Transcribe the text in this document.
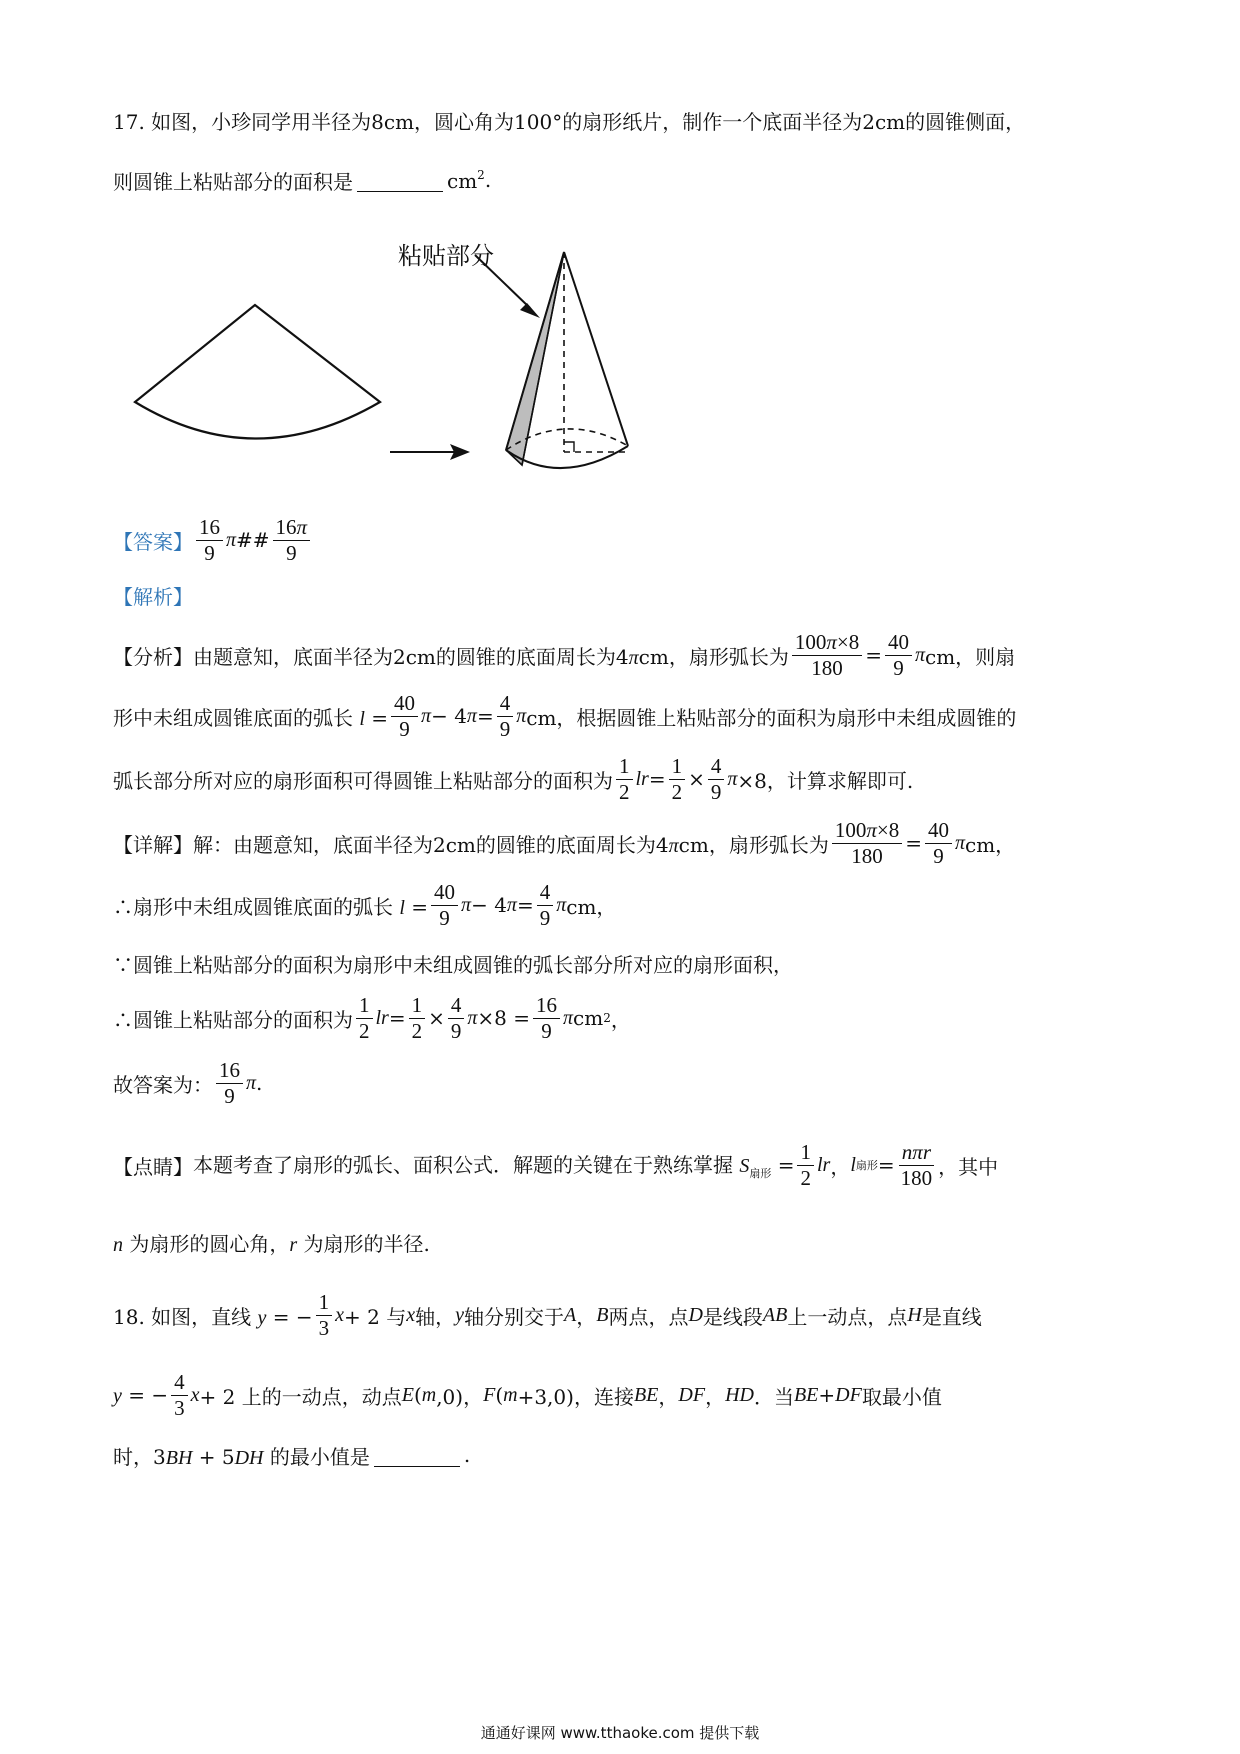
17. 如图，小珍同学用半径为8cm，圆心角为100°的扇形纸片，制作一个底面半径为2cm的圆锥侧面，
则圆锥上粘贴部分的面积是	$cm^2$ .
粘贴部分
【答案】 $\frac{16}{9}$ π ## $\frac{16\pi}{9}$
【解析】
【分析】 由题意知，底面半径为2cm的圆锥的底面周长为4πcm，扇形弧长为 $\frac{100\pi\times 8}{180} = \frac{40}{9}$ π cm，则扇
形中未组成圆锥底面的弧长 $l = \frac{40}{9}$ π − 4 $\pi = \frac{4}{9}$ π cm，根据圆锥上粘贴部分的面积为扇形中未组成圆锥的
弧长部分所对应的扇形面积可得圆锥上粘贴部分的面积为 $\frac{1}{2}$ lr = $\frac{1}{2} \times \frac{4}{9}$ π ×8，计算求解即可.
【详解】 解：由题意知，底面半径为2cm的圆锥的底面周长为4πcm，扇形弧长为 $\frac{100\pi\times 8}{180} = \frac{40}{9}$ π cm，
∴扇形中未组成圆锥底面的弧长 $l = \frac{40}{9}$ π − 4 $\pi = \frac{4}{9}$ π cm，
∵圆锥上粘贴部分的面积为扇形中未组成圆锥的弧长部分所对应的扇形面积，
∴圆锥上粘贴部分的面积为 $\frac{1}{2}$ lr = $\frac{1}{2} \times \frac{4}{9}$ $\pi \times 8 = \frac{16}{9}$ π cm 2 ，
故答案为： $\frac{16}{9}$ π .
【点睛】 本题考查了扇形的弧长、面积公式．解题的关键在于熟练掌握 $S_{扇形} = \frac{1}{2}$ lr ， l 扇形 = $\frac{\text{nπr}}{180}$ ，其中
n 为扇形的圆心角，r 为扇形的半径.
18. 如图，直线 y = − $\frac{1}{3}$ x + 2 与 x 轴， y 轴分别交于 A ， B 两点，点 D 是线段 AB 上一动点，点 H 是直线
y = − $\frac{4}{3}$ x + 2 上的一动点，动点 E ( m ,0)， F ( m +3,0)，连接 BE ， DF ， HD ．当 BE + DF 取最小值
时，3BH + 5DH 的最小值是	.
通通好课网 www.tthaoke.com 提供下载
